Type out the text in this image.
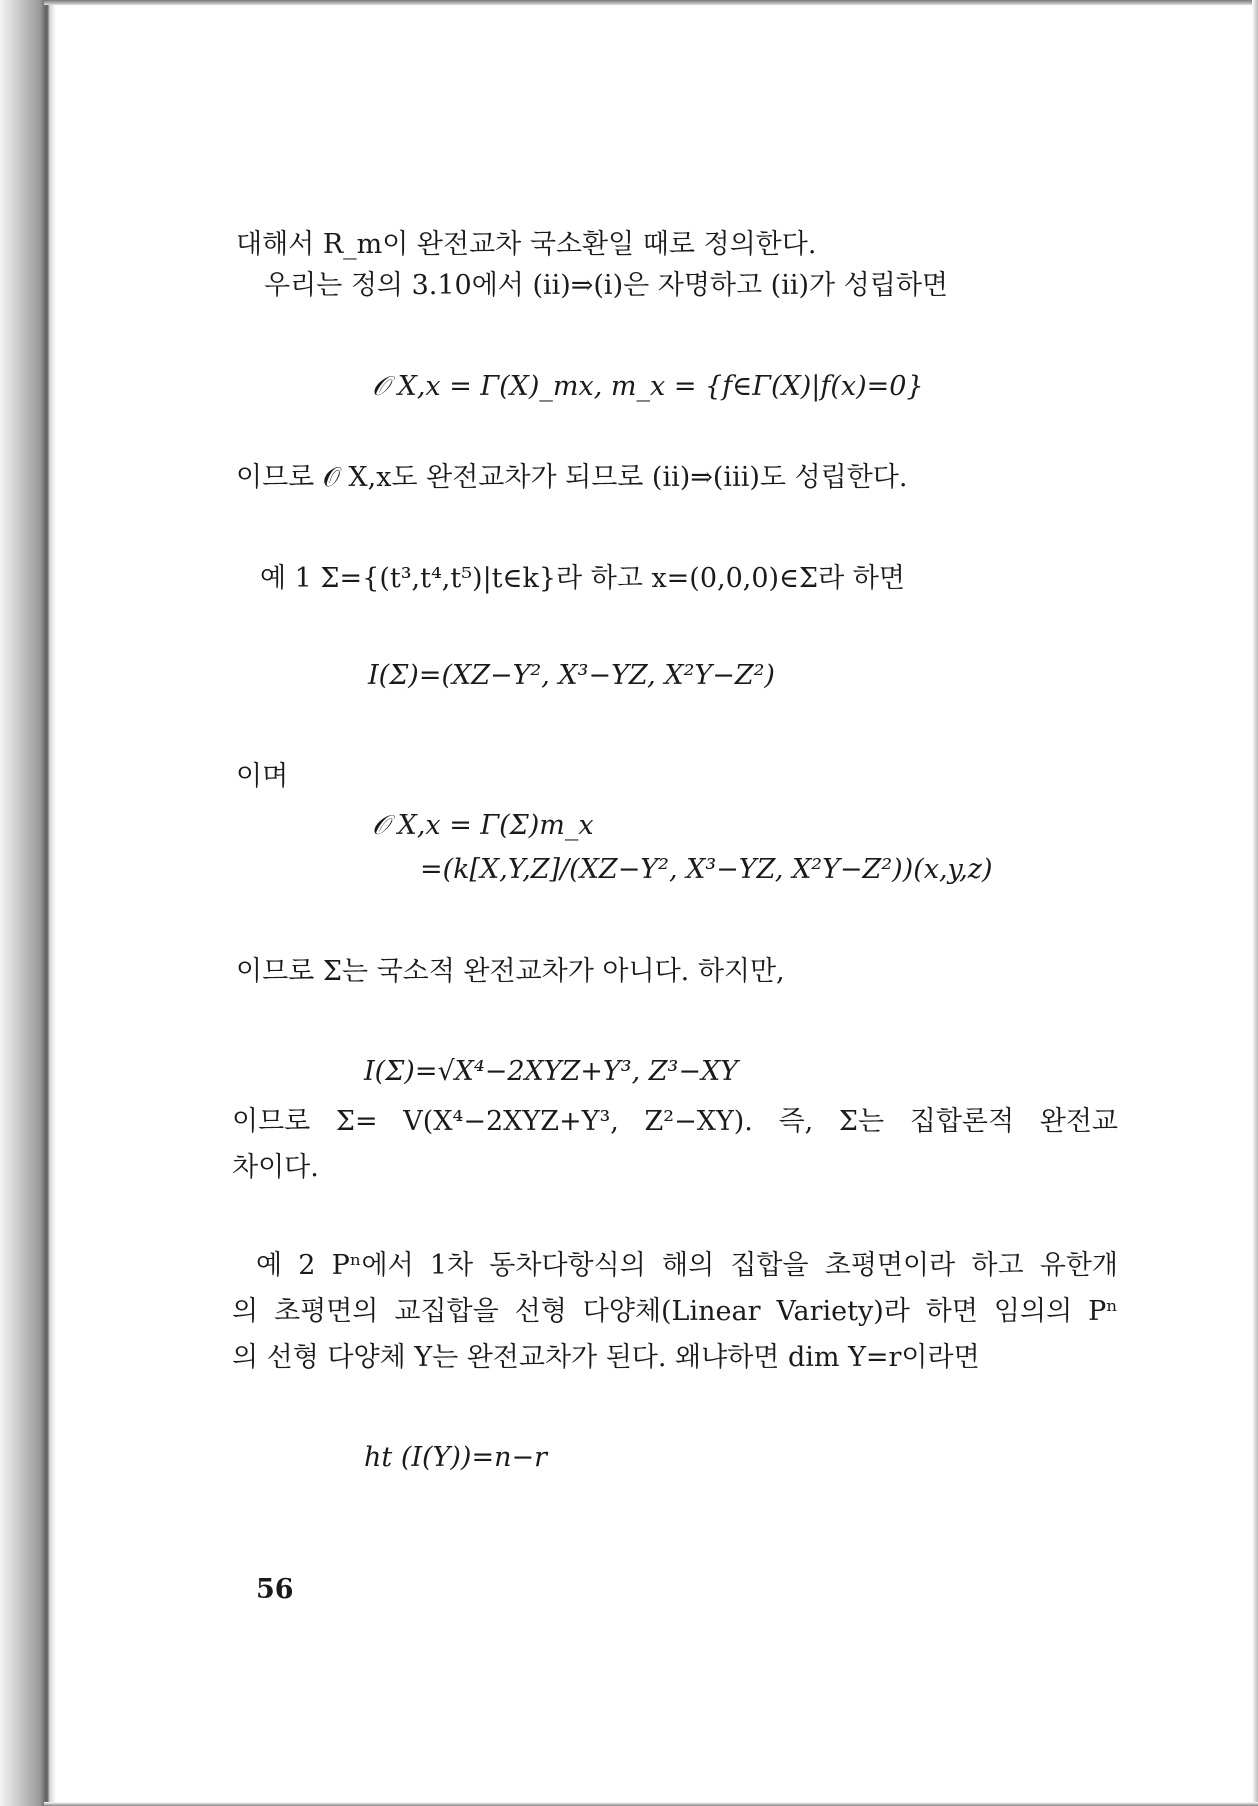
대해서 R_m이 완전교차 국소환일 때로 정의한다.
우리는 정의 3.10에서 (ii)⇒(i)은 자명하고 (ii)가 성립하면
𝒪 X,x = Γ(X)_mx, m_x = {f∈Γ(X)|f(x)=0}
이므로 𝒪 X,x도 완전교차가 되므로 (ii)⇒(iii)도 성립한다.
예 1 Σ={(t³,t⁴,t⁵)|t∈k}라 하고 x=(0,0,0)∈Σ라 하면
I(Σ)=(XZ−Y², X³−YZ, X²Y−Z²)
이며
𝒪 X,x = Γ(Σ)m_x
=(k[X,Y,Z]/(XZ−Y², X³−YZ, X²Y−Z²))(x,y,z)
이므로 Σ는 국소적 완전교차가 아니다. 하지만,
I(Σ)=√X⁴−2XYZ+Y³, Z³−XY
이므로 Σ= V(X⁴−2XYZ+Y³, Z²−XY). 즉, Σ는 집합론적 완전교
차이다.
예 2 Pⁿ에서 1차 동차다항식의 해의 집합을 초평면이라 하고 유한개
의 초평면의 교집합을 선형 다양체(Linear Variety)라 하면 임의의 Pⁿ
의 선형 다양체 Y는 완전교차가 된다. 왜냐하면 dim Y=r이라면
ht (I(Y))=n−r
56
